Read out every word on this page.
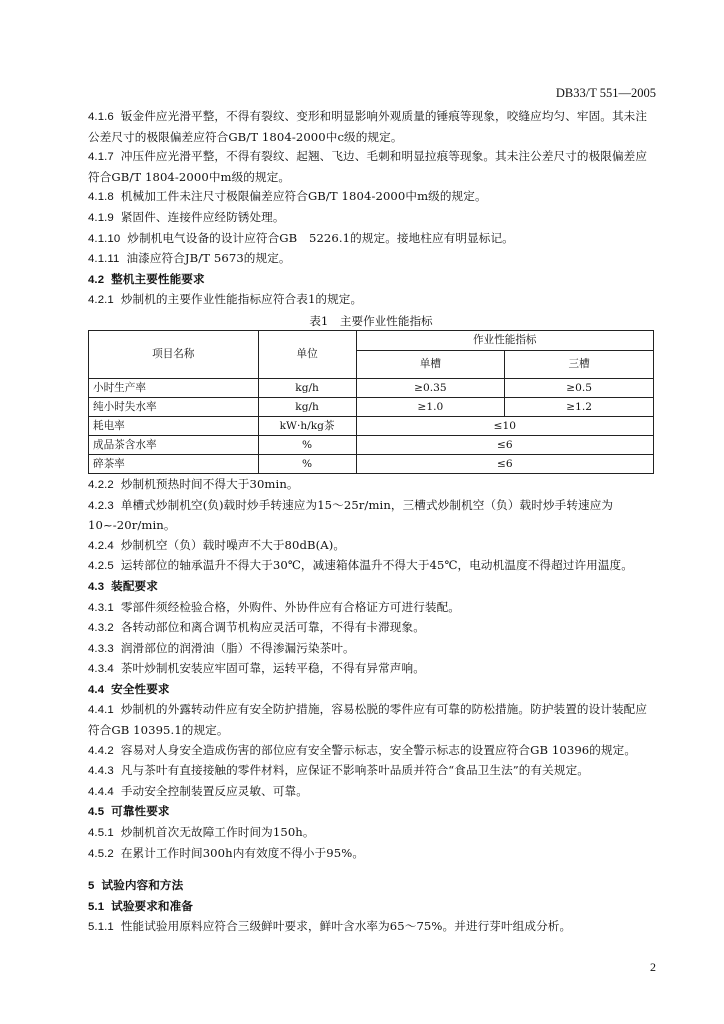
DB33/T 551—2005

4.1.6 钣金件应光滑平整，不得有裂纹、变形和明显影响外观质量的锤痕等现象，咬缝应均匀、牢固。其未注公差尺寸的极限偏差应符合GB/T 1804-2000中c级的规定。

4.1.7 冲压件应光滑平整，不得有裂纹、起翘、飞边、毛刺和明显拉痕等现象。其未注公差尺寸的极限偏差应符合GB/T 1804-2000中m级的规定。

4.1.8 机械加工件未注尺寸极限偏差应符合GB/T 1804-2000中m级的规定。

4.1.9 紧固件、连接件应经防锈处理。

4.1.10 炒制机电气设备的设计应符合GB　5226.1的规定。接地柱应有明显标记。

4.1.11 油漆应符合JB/T 5673的规定。

4.2 整机主要性能要求

4.2.1 炒制机的主要作业性能指标应符合表1的规定。

表1　主要作业性能指标
项目名称	单位	作业性能指标	
		单槽	三槽
小时生产率	kg/h	≥0.35	≥0.5
纯小时失水率	kg/h	≥1.0	≥1.2
耗电率	kW·h/kg茶	≤10	
成品茶含水率	%	≤6	
碎茶率	%	≤6	

4.2.2 炒制机预热时间不得大于30min。

4.2.3 单槽式炒制机空(负)载时炒手转速应为15～25r/min，三槽式炒制机空（负）载时炒手转速应为10~-20r/min。

4.2.4 炒制机空（负）载时噪声不大于80dB(A)。

4.2.5 运转部位的轴承温升不得大于30℃，减速箱体温升不得大于45℃，电动机温度不得超过许用温度。

4.3 装配要求

4.3.1 零部件须经检验合格，外购件、外协件应有合格证方可进行装配。

4.3.2 各转动部位和离合调节机构应灵活可靠，不得有卡滞现象。

4.3.3 润滑部位的润滑油（脂）不得渗漏污染茶叶。

4.3.4 茶叶炒制机安装应牢固可靠，运转平稳，不得有异常声响。

4.4 安全性要求

4.4.1 炒制机的外露转动件应有安全防护措施，容易松脱的零件应有可靠的防松措施。防护装置的设计装配应符合GB 10395.1的规定。

4.4.2 容易对人身安全造成伤害的部位应有安全警示标志，安全警示标志的设置应符合GB 10396的规定。

4.4.3 凡与茶叶有直接接触的零件材料，应保证不影响茶叶品质并符合“食品卫生法”的有关规定。

4.4.4 手动安全控制装置反应灵敏、可靠。

4.5 可靠性要求

4.5.1 炒制机首次无故障工作时间为150h。

4.5.2 在累计工作时间300h内有效度不得小于95%。

5 试验内容和方法

5.1 试验要求和准备

5.1.1 性能试验用原料应符合三级鲜叶要求，鲜叶含水率为65～75%。并进行芽叶组成分析。

2
